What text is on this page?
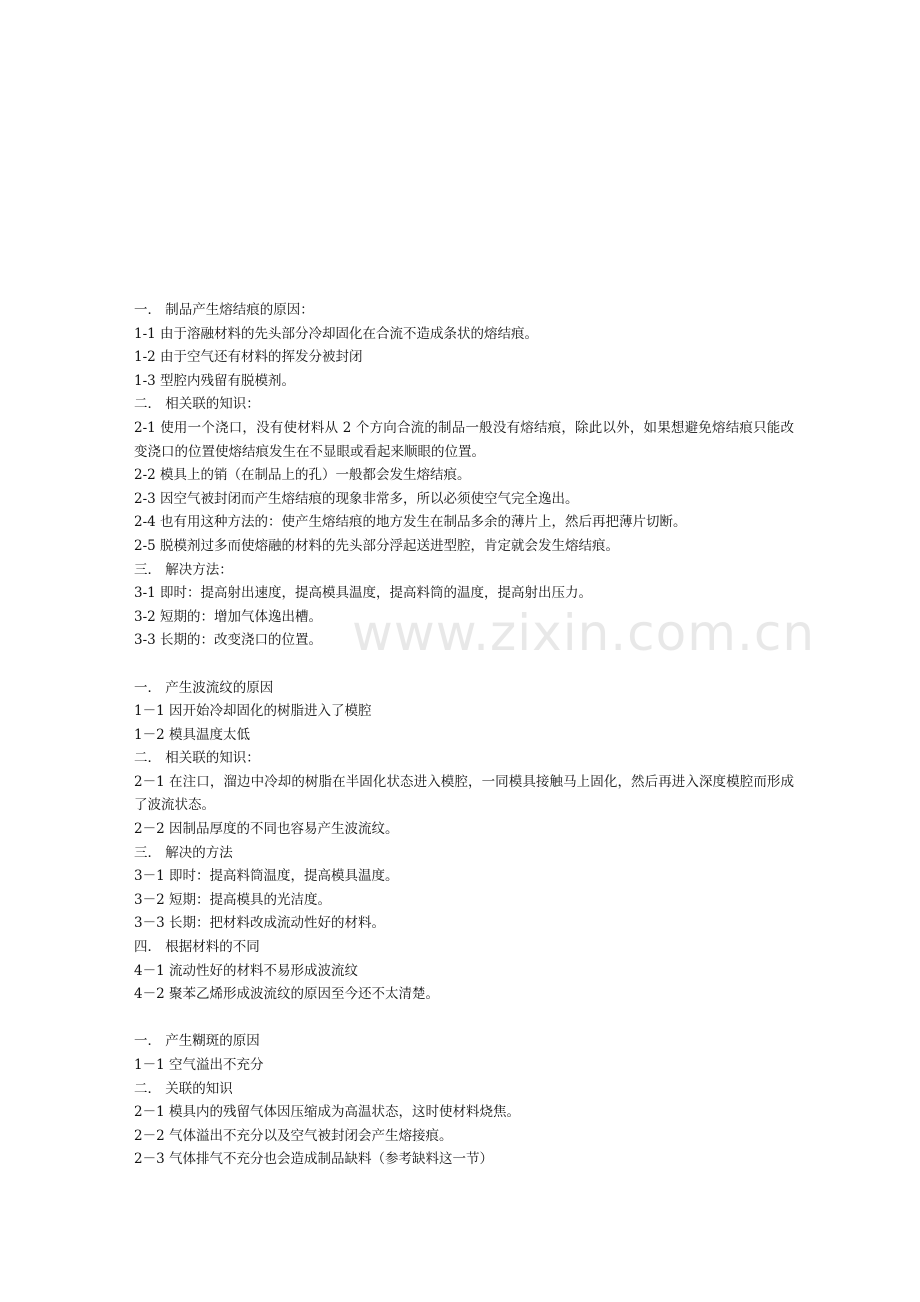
www.zixin.com.cn
一． 制品产生熔结痕的原因：
1-1 由于溶融材料的先头部分冷却固化在合流不造成条状的熔结痕。
1-2 由于空气还有材料的挥发分被封闭
1-3 型腔内残留有脱模剂。
二． 相关联的知识：
2-1 使用一个浇口，没有使材料从 2 个方向合流的制品一般没有熔结痕，除此以外，如果想避免熔结痕只能改变浇口的位置使熔结痕发生在不显眼或看起来顺眼的位置。
2-2 模具上的销（在制品上的孔）一般都会发生熔结痕。
2-3 因空气被封闭而产生熔结痕的现象非常多，所以必须使空气完全逸出。
2-4 也有用这种方法的：使产生熔结痕的地方发生在制品多余的薄片上，然后再把薄片切断。
2-5 脱模剂过多而使熔融的材料的先头部分浮起送进型腔，肯定就会发生熔结痕。
三． 解决方法：
3-1 即时：提高射出速度，提高模具温度，提高料筒的温度，提高射出压力。
3-2 短期的：增加气体逸出槽。
3-3 长期的：改变浇口的位置。
一． 产生波流纹的原因
1－1 因开始冷却固化的树脂进入了模腔
1－2 模具温度太低
二． 相关联的知识：
2－1 在注口，溜边中冷却的树脂在半固化状态进入模腔，一同模具接触马上固化，然后再进入深度模腔而形成了波流状态。
2－2 因制品厚度的不同也容易产生波流纹。
三． 解决的方法
3－1 即时：提高料筒温度，提高模具温度。
3－2 短期：提高模具的光洁度。
3－3 长期：把材料改成流动性好的材料。
四． 根据材料的不同
4－1 流动性好的材料不易形成波流纹
4－2 聚苯乙烯形成波流纹的原因至今还不太清楚。
一． 产生糊斑的原因
1－1 空气溢出不充分
二． 关联的知识
2－1 模具内的残留气体因压缩成为高温状态，这时使材料烧焦。
2－2 气体溢出不充分以及空气被封闭会产生熔接痕。
2－3 气体排气不充分也会造成制品缺料（参考缺料这一节）
